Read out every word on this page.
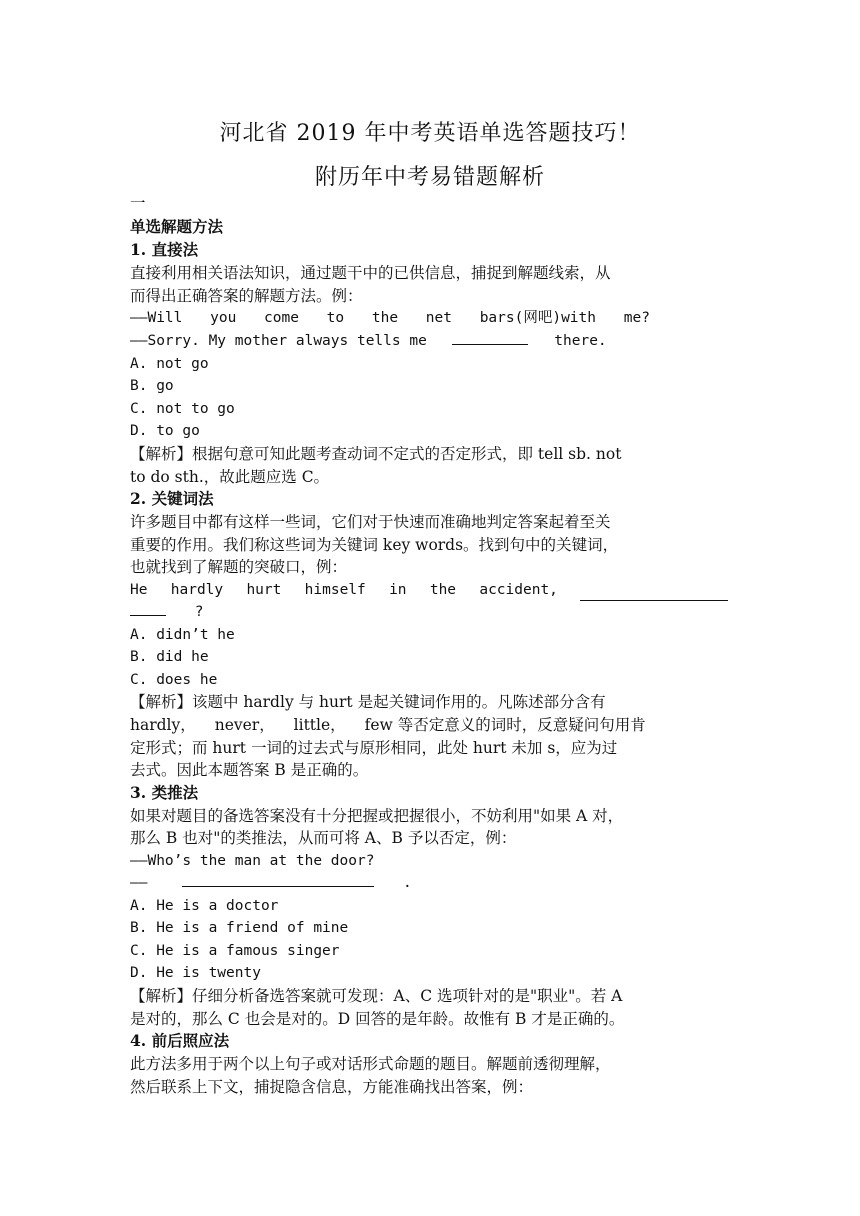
河北省 2019 年中考英语单选答题技巧！
附历年中考易错题解析
一
单选解题方法
1. 直接法
直接利用相关语法知识，通过题干中的已供信息，捕捉到解题线索，从
而得出正确答案的解题方法。例：
——Will you come to the net bars(网吧)with me?
——Sorry. My mother always tells me	there.
A. not go
B. go
C. not to go
D. to go
【解析】根据句意可知此题考查动词不定式的否定形式，即 tell sb. not
to do sth.，故此题应选 C。
2. 关键词法
许多题目中都有这样一些词，它们对于快速而准确地判定答案起着至关
重要的作用。我们称这些词为关键词 key words。找到句中的关键词，
也就找到了解题的突破口，例：
He hardly hurt himself in the accident,
?
A. didn’t he
B. did he
C. does he
【解析】该题中 hardly 与 hurt 是起关键词作用的。凡陈述部分含有
hardly， never， little， few 等否定意义的词时，反意疑问句用肯
定形式；而 hurt 一词的过去式与原形相同，此处 hurt 未加 s，应为过
去式。因此本题答案 B 是正确的。
3. 类推法
如果对题目的备选答案没有十分把握或把握很小，不妨利用"如果 A 对，
那么 B 也对"的类推法，从而可将 A、B 予以否定，例：
——Who’s the man at the door?
——	.
A. He is a doctor
B. He is a friend of mine
C. He is a famous singer
D. He is twenty
【解析】仔细分析备选答案就可发现：A、C 选项针对的是"职业"。若 A
是对的，那么 C 也会是对的。D 回答的是年龄。故惟有 B 才是正确的。
4. 前后照应法
此方法多用于两个以上句子或对话形式命题的题目。解题前透彻理解，
然后联系上下文，捕捉隐含信息，方能准确找出答案，例：
